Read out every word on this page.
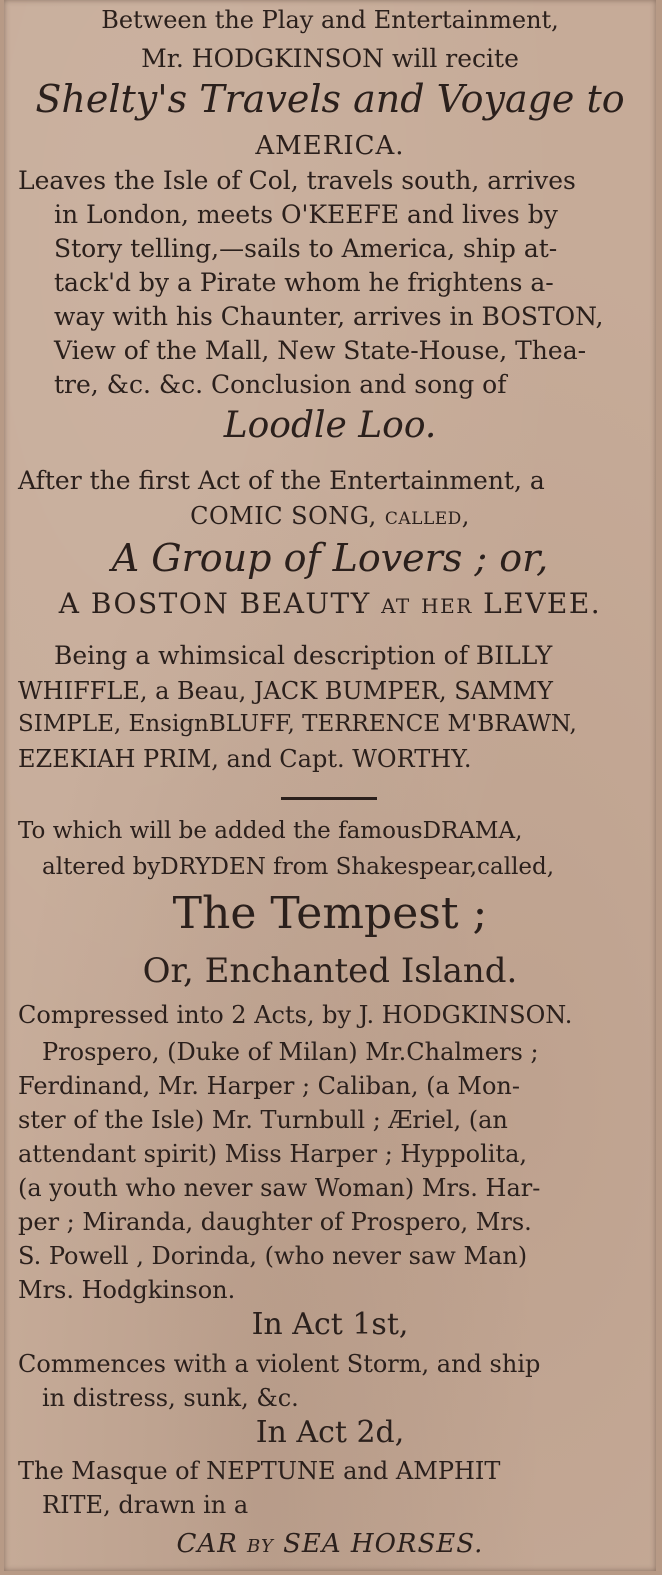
Between the Play and Entertainment,
Mr. HODGKINSON will recite
Shelty's Travels and Voyage to
AMERICA.
Leaves the Isle of Col, travels south, arrives
in London, meets O'KEEFE and lives by
Story telling,—sails to America, ship at-
tack'd by a Pirate whom he frightens a-
way with his Chaunter, arrives in BOSTON,
View of the Mall, New State-House, Thea-
tre, &c. &c. Conclusion and song of
Loodle Loo.
After the first Act of the Entertainment, a
COMIC SONG, called,
A Group of Lovers ; or,
A BOSTON BEAUTY at her LEVEE.
Being a whimsical description of BILLY
WHIFFLE, a Beau, JACK BUMPER, SAMMY
SIMPLE, EnsignBLUFF, TERRENCE M'BRAWN,
EZEKIAH PRIM, and Capt. WORTHY.
To which will be added the famousDRAMA,
altered byDRYDEN from Shakespear,called,
The Tempest ;
Or, Enchanted Island.
Compressed into 2 Acts, by J. HODGKINSON.
Prospero, (Duke of Milan) Mr.Chalmers ;
Ferdinand, Mr. Harper ; Caliban, (a Mon-
ster of the Isle) Mr. Turnbull ; Æriel, (an
attendant spirit) Miss Harper ; Hyppolita,
(a youth who never saw Woman) Mrs. Har-
per ; Miranda, daughter of Prospero, Mrs.
S. Powell , Dorinda, (who never saw Man)
Mrs. Hodgkinson.
In Act 1st,
Commences with a violent Storm, and ship
in distress, sunk, &c.
In Act 2d,
The Masque of NEPTUNE and AMPHIT
RITE, drawn in a
CAR by SEA HORSES.
